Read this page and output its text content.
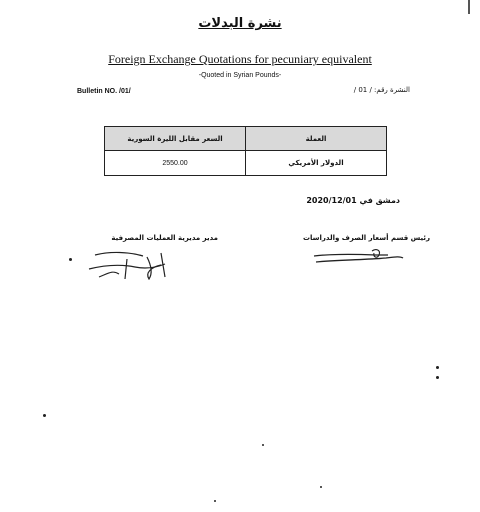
نشرة البدلات
Foreign Exchange Quotations for pecuniary equivalent
-Quoted in Syrian Pounds-
Bulletin NO. /01/	النشرة رقم: / 01 /
السعر مقابل الليرة السورية	العملة
2550.00	الدولار الأمريكي
دمشق في 2020/12/01
مدير مديرية العمليات المصرفية	رئيس قسم أسعار الصرف والدراسات
